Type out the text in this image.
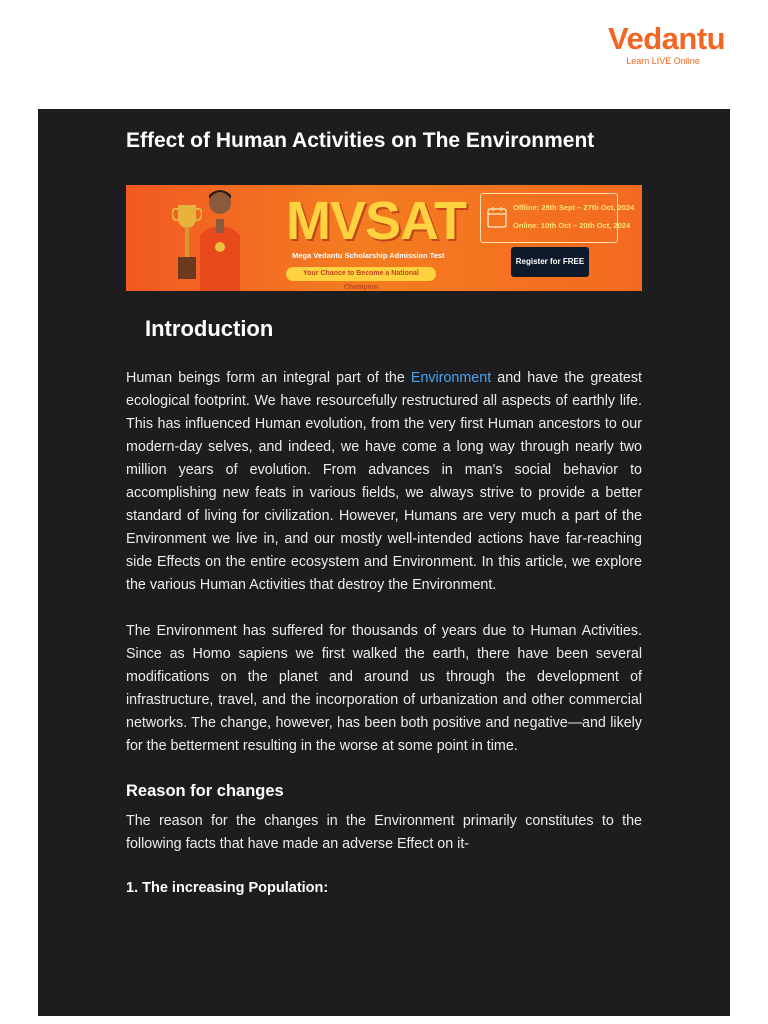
Vedantu
Learn LIVE Online
Effect of Human Activities on The Environment
MVSAT
Mega Vedantu Scholarship Admission Test
Your Chance to Become a National Champion
Offline: 28th Sept – 27th Oct, 2024
Online: 10th Oct – 20th Oct, 2024
Register for FREE
Introduction

Human beings form an integral part of the Environment and have the greatest ecological footprint. We have resourcefully restructured all aspects of earthly life. This has influenced Human evolution, from the very first Human ancestors to our modern-day selves, and indeed, we have come a long way through nearly two million years of evolution. From advances in man's social behavior to accomplishing new feats in various fields, we always strive to provide a better standard of living for civilization. However, Humans are very much a part of the Environment we live in, and our mostly well-intended actions have far-reaching side Effects on the entire ecosystem and Environment. In this article, we explore the various Human Activities that destroy the Environment.

The Environment has suffered for thousands of years due to Human Activities. Since as Homo sapiens we first walked the earth, there have been several modifications on the planet and around us through the development of infrastructure, travel, and the incorporation of urbanization and other commercial networks. The change, however, has been both positive and negative—and likely for the betterment resulting in the worse at some point in time.

Reason for changes

The reason for the changes in the Environment primarily constitutes to the following facts that have made an adverse Effect on it-

1. The increasing Population:
